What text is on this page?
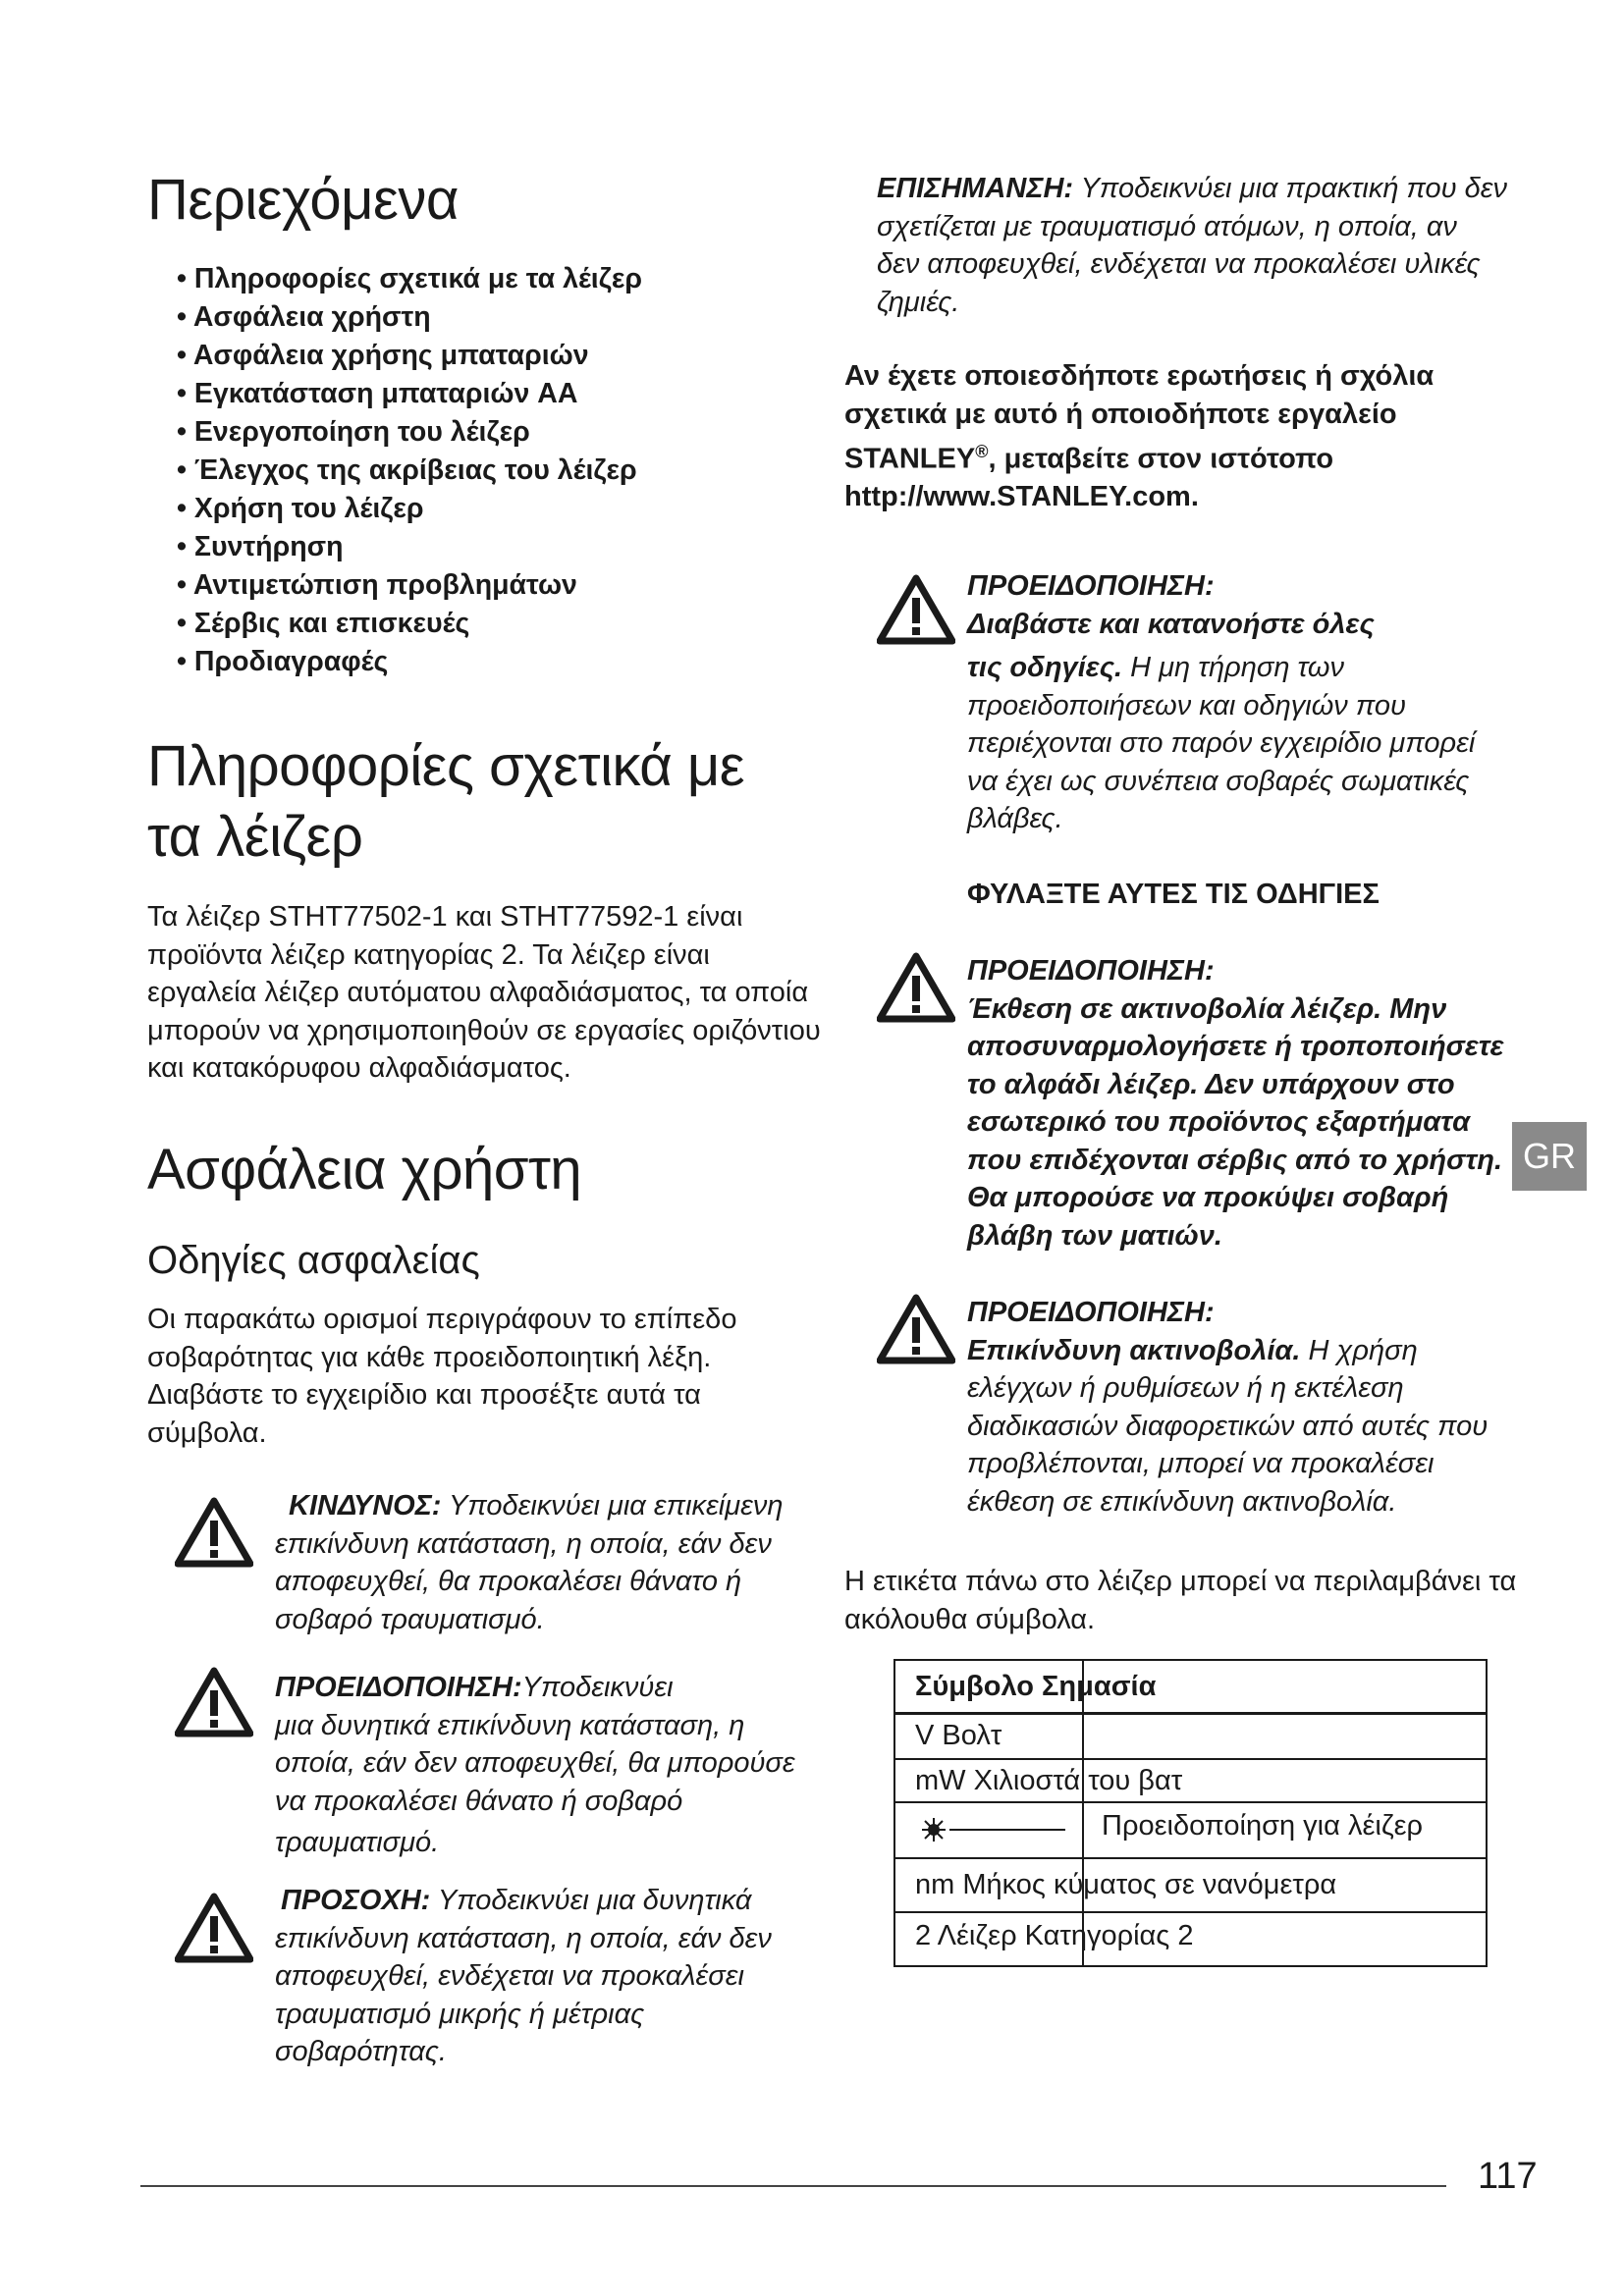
Περιεχόμενα
• Πληροφορίες σχετικά με τα λέιζερ
• Ασφάλεια χρήστη
• Ασφάλεια χρήσης μπαταριών
• Εγκατάσταση μπαταριών AA
• Ενεργοποίηση του λέιζερ
• Έλεγχος της ακρίβειας του λέιζερ
• Χρήση του λέιζερ
• Συντήρηση
• Αντιμετώπιση προβλημάτων
• Σέρβις και επισκευές
• Προδιαγραφές
Πληροφορίες σχετικά με
τα λέιζερ

Τα λέιζερ STHT77502-1 και STHT77592-1 είναι

προϊόντα λέιζερ κατηγορίας 2. Τα λέιζερ είναι

εργαλεία λέιζερ αυτόματου αλφαδιάσματος, τα οποία

μπορούν να χρησιμοποιηθούν σε εργασίες οριζόντιου

και κατακόρυφου αλφαδιάσματος.

Ασφάλεια χρήστη
Οδηγίες ασφαλείας

Οι παρακάτω ορισμοί περιγράφουν το επίπεδο

σοβαρότητας για κάθε προειδοποιητική λέξη.

Διαβάστε το εγχειρίδιο και προσέξτε αυτά τα

σύμβολα.

ΚΙΝΔΥΝΟΣ: Υποδεικνύει μια επικείμενη

επικίνδυνη κατάσταση, η οποία, εάν δεν

αποφευχθεί, θα προκαλέσει θάνατο ή

σοβαρό τραυματισμό.

ΠΡΟΕΙΔΟΠΟΙΗΣΗ:Υποδεικνύει

μια δυνητικά επικίνδυνη κατάσταση, η

οποία, εάν δεν αποφευχθεί, θα μπορούσε

να προκαλέσει θάνατο ή σοβαρό

τραυματισμό.

ΠΡΟΣΟΧΗ: Υποδεικνύει μια δυνητικά

επικίνδυνη κατάσταση, η οποία, εάν δεν

αποφευχθεί, ενδέχεται να προκαλέσει

τραυματισμό μικρής ή μέτριας

σοβαρότητας.

ΕΠΙΣΗΜΑΝΣΗ: Υποδεικνύει μια πρακτική που δεν

σχετίζεται με τραυματισμό ατόμων, η οποία, αν

δεν αποφευχθεί, ενδέχεται να προκαλέσει υλικές

ζημιές.

Αν έχετε οποιεσδήποτε ερωτήσεις ή σχόλια

σχετικά με αυτό ή οποιοδήποτε εργαλείο

STANLEY®, μεταβείτε στον ιστότοπο

http://www.STANLEY.com.

ΠΡΟΕΙΔΟΠΟΙΗΣΗ:

Διαβάστε και κατανοήστε όλες

τις οδηγίες. Η μη τήρηση των

προειδοποιήσεων και οδηγιών που

περιέχονται στο παρόν εγχειρίδιο μπορεί

να έχει ως συνέπεια σοβαρές σωματικές

βλάβες.

ΦΥΛΑΞΤΕ ΑΥΤΕΣ ΤΙΣ ΟΔΗΓΙΕΣ

ΠΡΟΕΙΔΟΠΟΙΗΣΗ:

Έκθεση σε ακτινοβολία λέιζερ. Μην

αποσυναρμολογήσετε ή τροποποιήσετε

το αλφάδι λέιζερ. Δεν υπάρχουν στο

εσωτερικό του προϊόντος εξαρτήματα

που επιδέχονται σέρβις από το χρήστη.

Θα μπορούσε να προκύψει σοβαρή

βλάβη των ματιών.

ΠΡΟΕΙΔΟΠΟΙΗΣΗ:

Επικίνδυνη ακτινοβολία. Η χρήση

ελέγχων ή ρυθμίσεων ή η εκτέλεση

διαδικασιών διαφορετικών από αυτές που

προβλέπονται, μπορεί να προκαλέσει

έκθεση σε επικίνδυνη ακτινοβολία.

Η ετικέτα πάνω στο λέιζερ μπορεί να περιλαμβάνει τα

ακόλουθα σύμβολα.

Σύμβολο Σημασία
V Βολτ
mW Χιλιοστά του βατ
Προειδοποίηση για λέιζερ
nm Μήκος κύματος σε νανόμετρα
2 Λέιζερ Κατηγορίας 2
GR
117
